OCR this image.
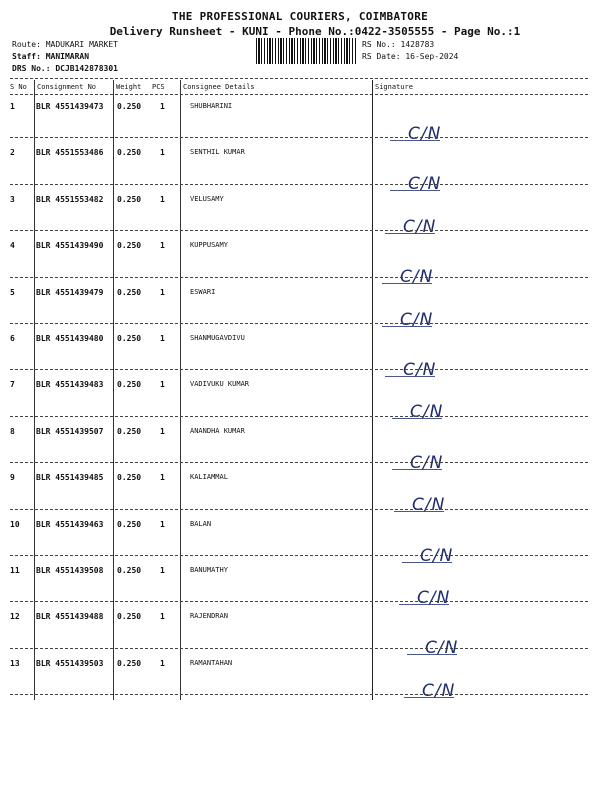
THE PROFESSIONAL COURIERS, COIMBATORE
Delivery Runsheet - KUNI - Phone No.:0422-3505555 - Page No.:1
Route: MADUKARI MARKET
Staff: MANIMARAN
DRS No.: DCJB142878301
RS No.: 1428783
RS Date: 16-Sep-2024
S No Consignment No	Weight PCS	Consignee Details	Signature
1	BLR 4551439473 0.250 1	SHUBHARINI
C/N
2	BLR 4551553486 0.250 1	SENTHIL KUMAR
C/N
3	BLR 4551553482 0.250 1	VELUSAMY
C/N
4	BLR 4551439490 0.250 1	KUPPUSAMY
C/N
5	BLR 4551439479 0.250 1	ESWARI
C/N
6	BLR 4551439480 0.250 1	SHANMUGAVDIVU
C/N
7	BLR 4551439483 0.250 1	VADIVUKU KUMAR
C/N
8	BLR 4551439507 0.250 1	ANANDHA KUMAR
C/N
9	BLR 4551439485 0.250 1	KALIAMMAL
C/N
10 BLR 4551439463 0.250 1	BALAN
C/N
11 BLR 4551439508 0.250 1	BANUMATHY
C/N
12 BLR 4551439488 0.250 1	RAJENDRAN
C/N
13 BLR 4551439503 0.250 1	RAMANTAHAN
C/N
